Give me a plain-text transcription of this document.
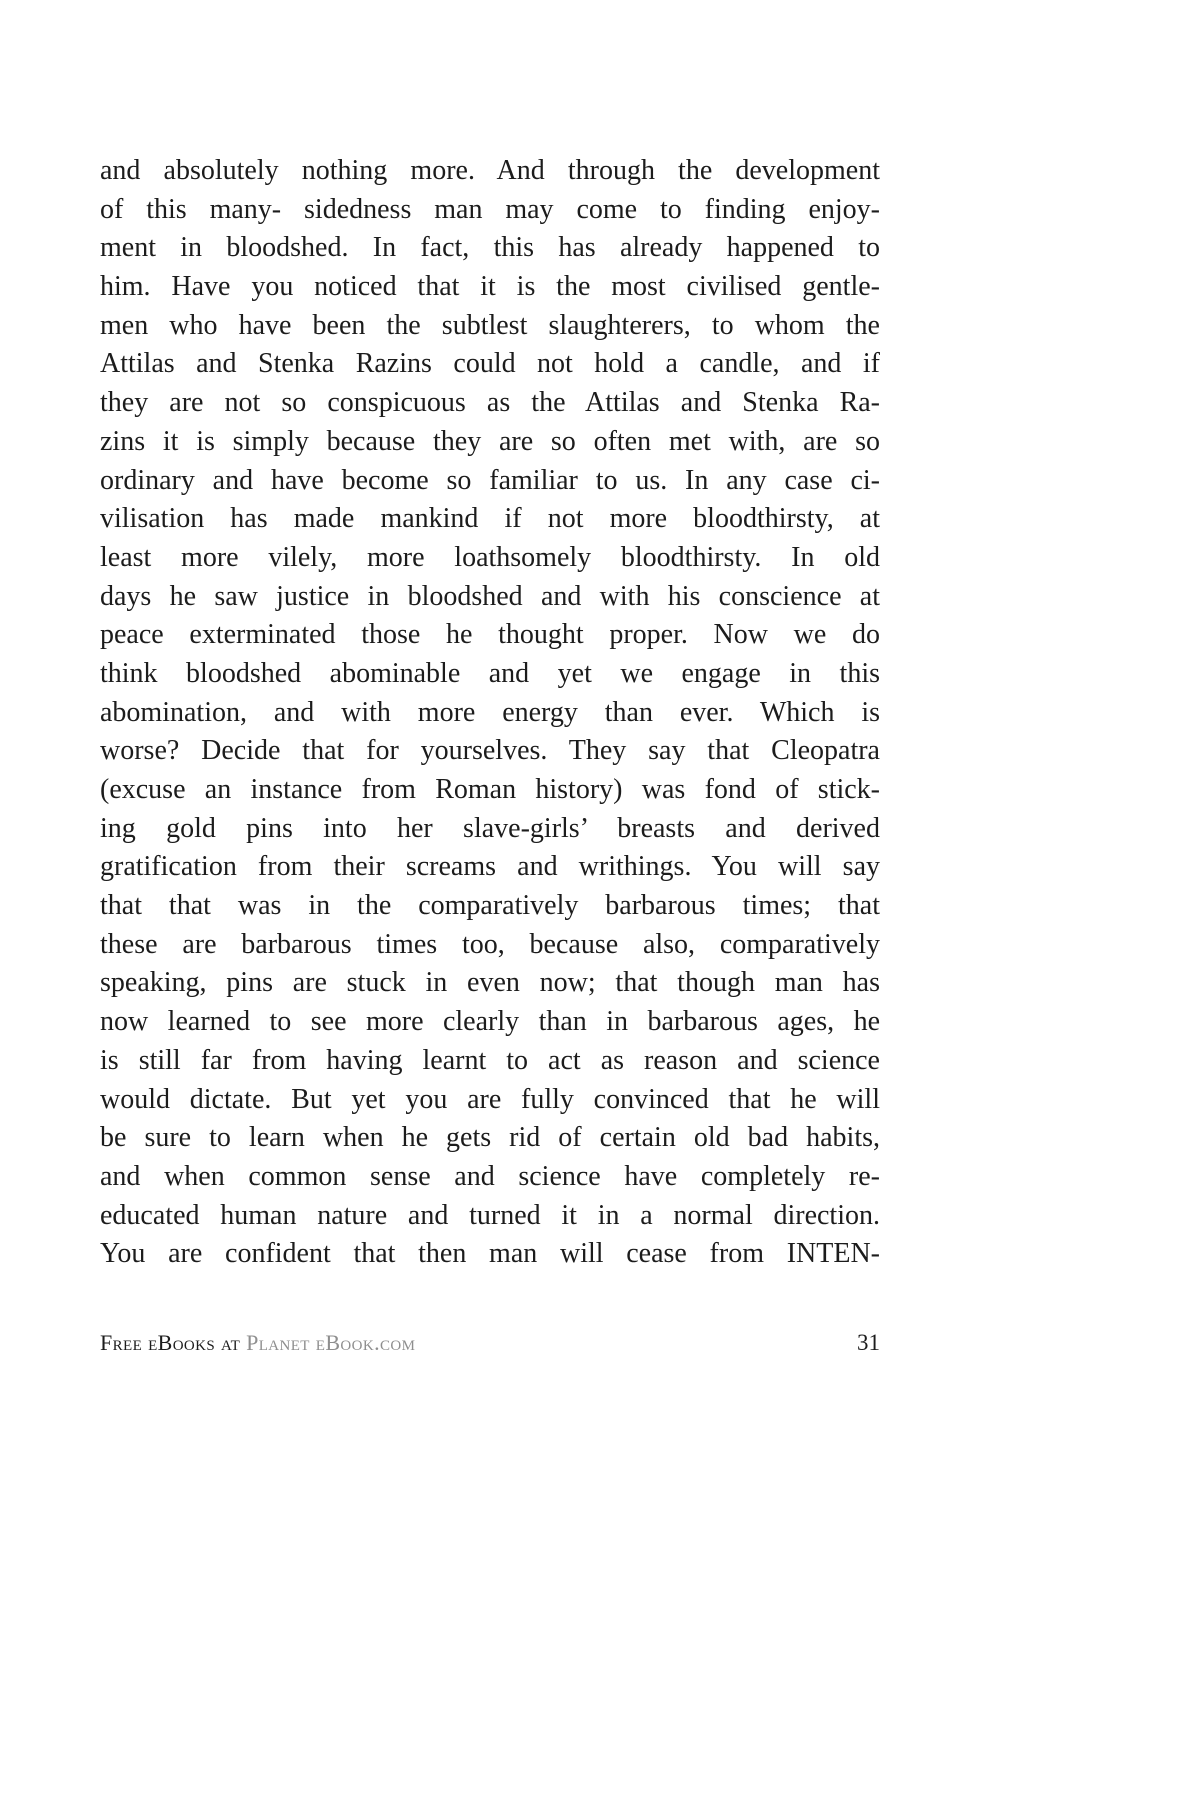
and absolutely nothing more. And through the development
of this many- sidedness man may come to finding enjoy-
ment in bloodshed. In fact, this has already happened to
him. Have you noticed that it is the most civilised gentle-
men who have been the subtlest slaughterers, to whom the
Attilas and Stenka Razins could not hold a candle, and if
they are not so conspicuous as the Attilas and Stenka Ra-
zins it is simply because they are so often met with, are so
ordinary and have become so familiar to us. In any case ci-
vilisation has made mankind if not more bloodthirsty, at
least more vilely, more loathsomely bloodthirsty. In old
days he saw justice in bloodshed and with his conscience at
peace exterminated those he thought proper. Now we do
think bloodshed abominable and yet we engage in this
abomination, and with more energy than ever. Which is
worse? Decide that for yourselves. They say that Cleopatra
(excuse an instance from Roman history) was fond of stick-
ing gold pins into her slave-girls’ breasts and derived
gratification from their screams and writhings. You will say
that that was in the comparatively barbarous times; that
these are barbarous times too, because also, comparatively
speaking, pins are stuck in even now; that though man has
now learned to see more clearly than in barbarous ages, he
is still far from having learnt to act as reason and science
would dictate. But yet you are fully convinced that he will
be sure to learn when he gets rid of certain old bad habits,
and when common sense and science have completely re-
educated human nature and turned it in a normal direction.
You are confident that then man will cease from INTEN-
Free eBooks at Planet eBook.com	31
